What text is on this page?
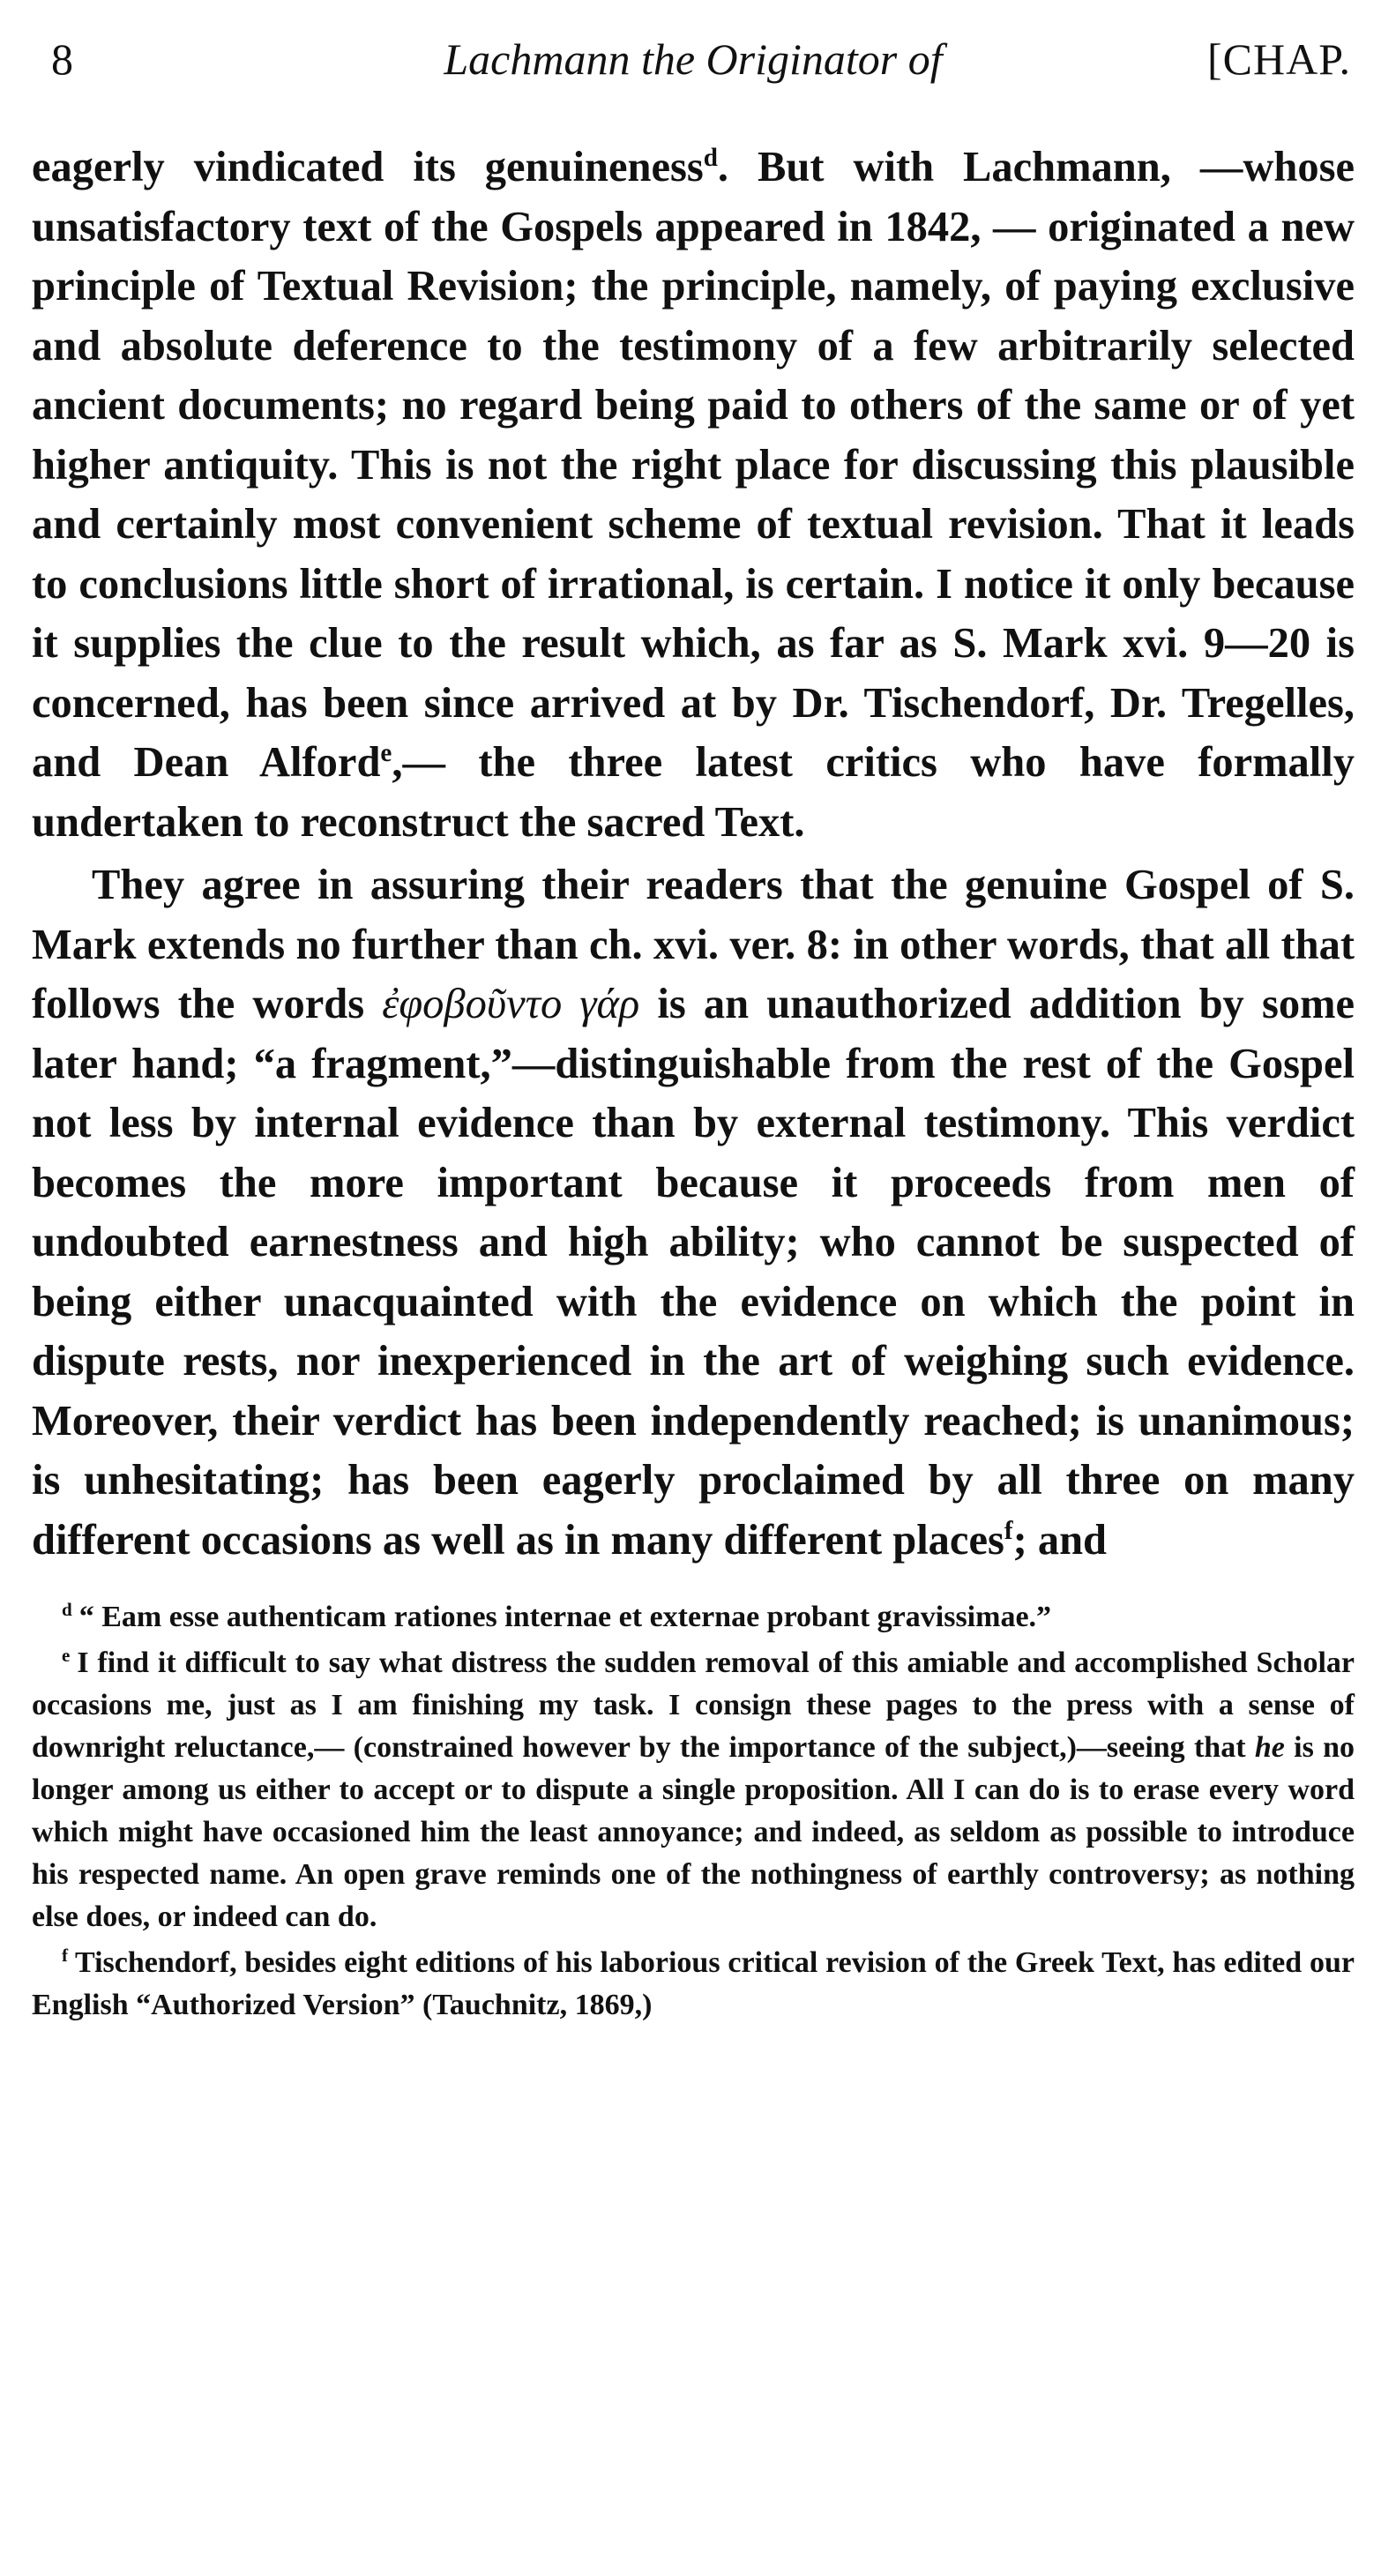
8	Lachmann the Originator of	[CHAP.

eagerly vindicated its genuineness$^d$. But with Lachmann, —whose unsatisfactory text of the Gospels appeared in 1842, — originated a new principle of Textual Revision; the principle, namely, of paying exclusive and absolute deference to the testimony of a few arbitrarily selected ancient documents; no regard being paid to others of the same or of yet higher antiquity. This is not the right place for discussing this plausible and certainly most convenient scheme of textual revision. That it leads to conclusions little short of irrational, is certain. I notice it only because it supplies the clue to the result which, as far as S. Mark xvi. 9—20 is concerned, has been since arrived at by Dr. Tischendorf, Dr. Tregelles, and Dean Alford$^e$,— the three latest critics who have formally undertaken to reconstruct the sacred Text.

They agree in assuring their readers that the genuine Gospel of S. Mark extends no further than ch. xvi. ver. 8: in other words, that all that follows the words ἐφοβοῦντο γάρ is an unauthorized addition by some later hand; “a fragment,”—distinguishable from the rest of the Gospel not less by internal evidence than by external testimony. This verdict becomes the more important because it proceeds from men of undoubted earnestness and high ability; who cannot be suspected of being either unacquainted with the evidence on which the point in dispute rests, nor inexperienced in the art of weighing such evidence. Moreover, their verdict has been independently reached; is unanimous; is unhesitating; has been eagerly proclaimed by all three on many different occasions as well as in many different places$^f$; and

$^d$ “ Eam esse authenticam rationes internae et externae probant gravissimae.”

$^e$ I find it difficult to say what distress the sudden removal of this amiable and accomplished Scholar occasions me, just as I am finishing my task. I consign these pages to the press with a sense of downright reluctance,— (constrained however by the importance of the subject,)—seeing that he is no longer among us either to accept or to dispute a single proposition. All I can do is to erase every word which might have occasioned him the least annoyance; and indeed, as seldom as possible to introduce his respected name. An open grave reminds one of the nothingness of earthly controversy; as nothing else does, or indeed can do.

$^f$ Tischendorf, besides eight editions of his laborious critical revision of the Greek Text, has edited our English “Authorized Version” (Tauchnitz, 1869,)
